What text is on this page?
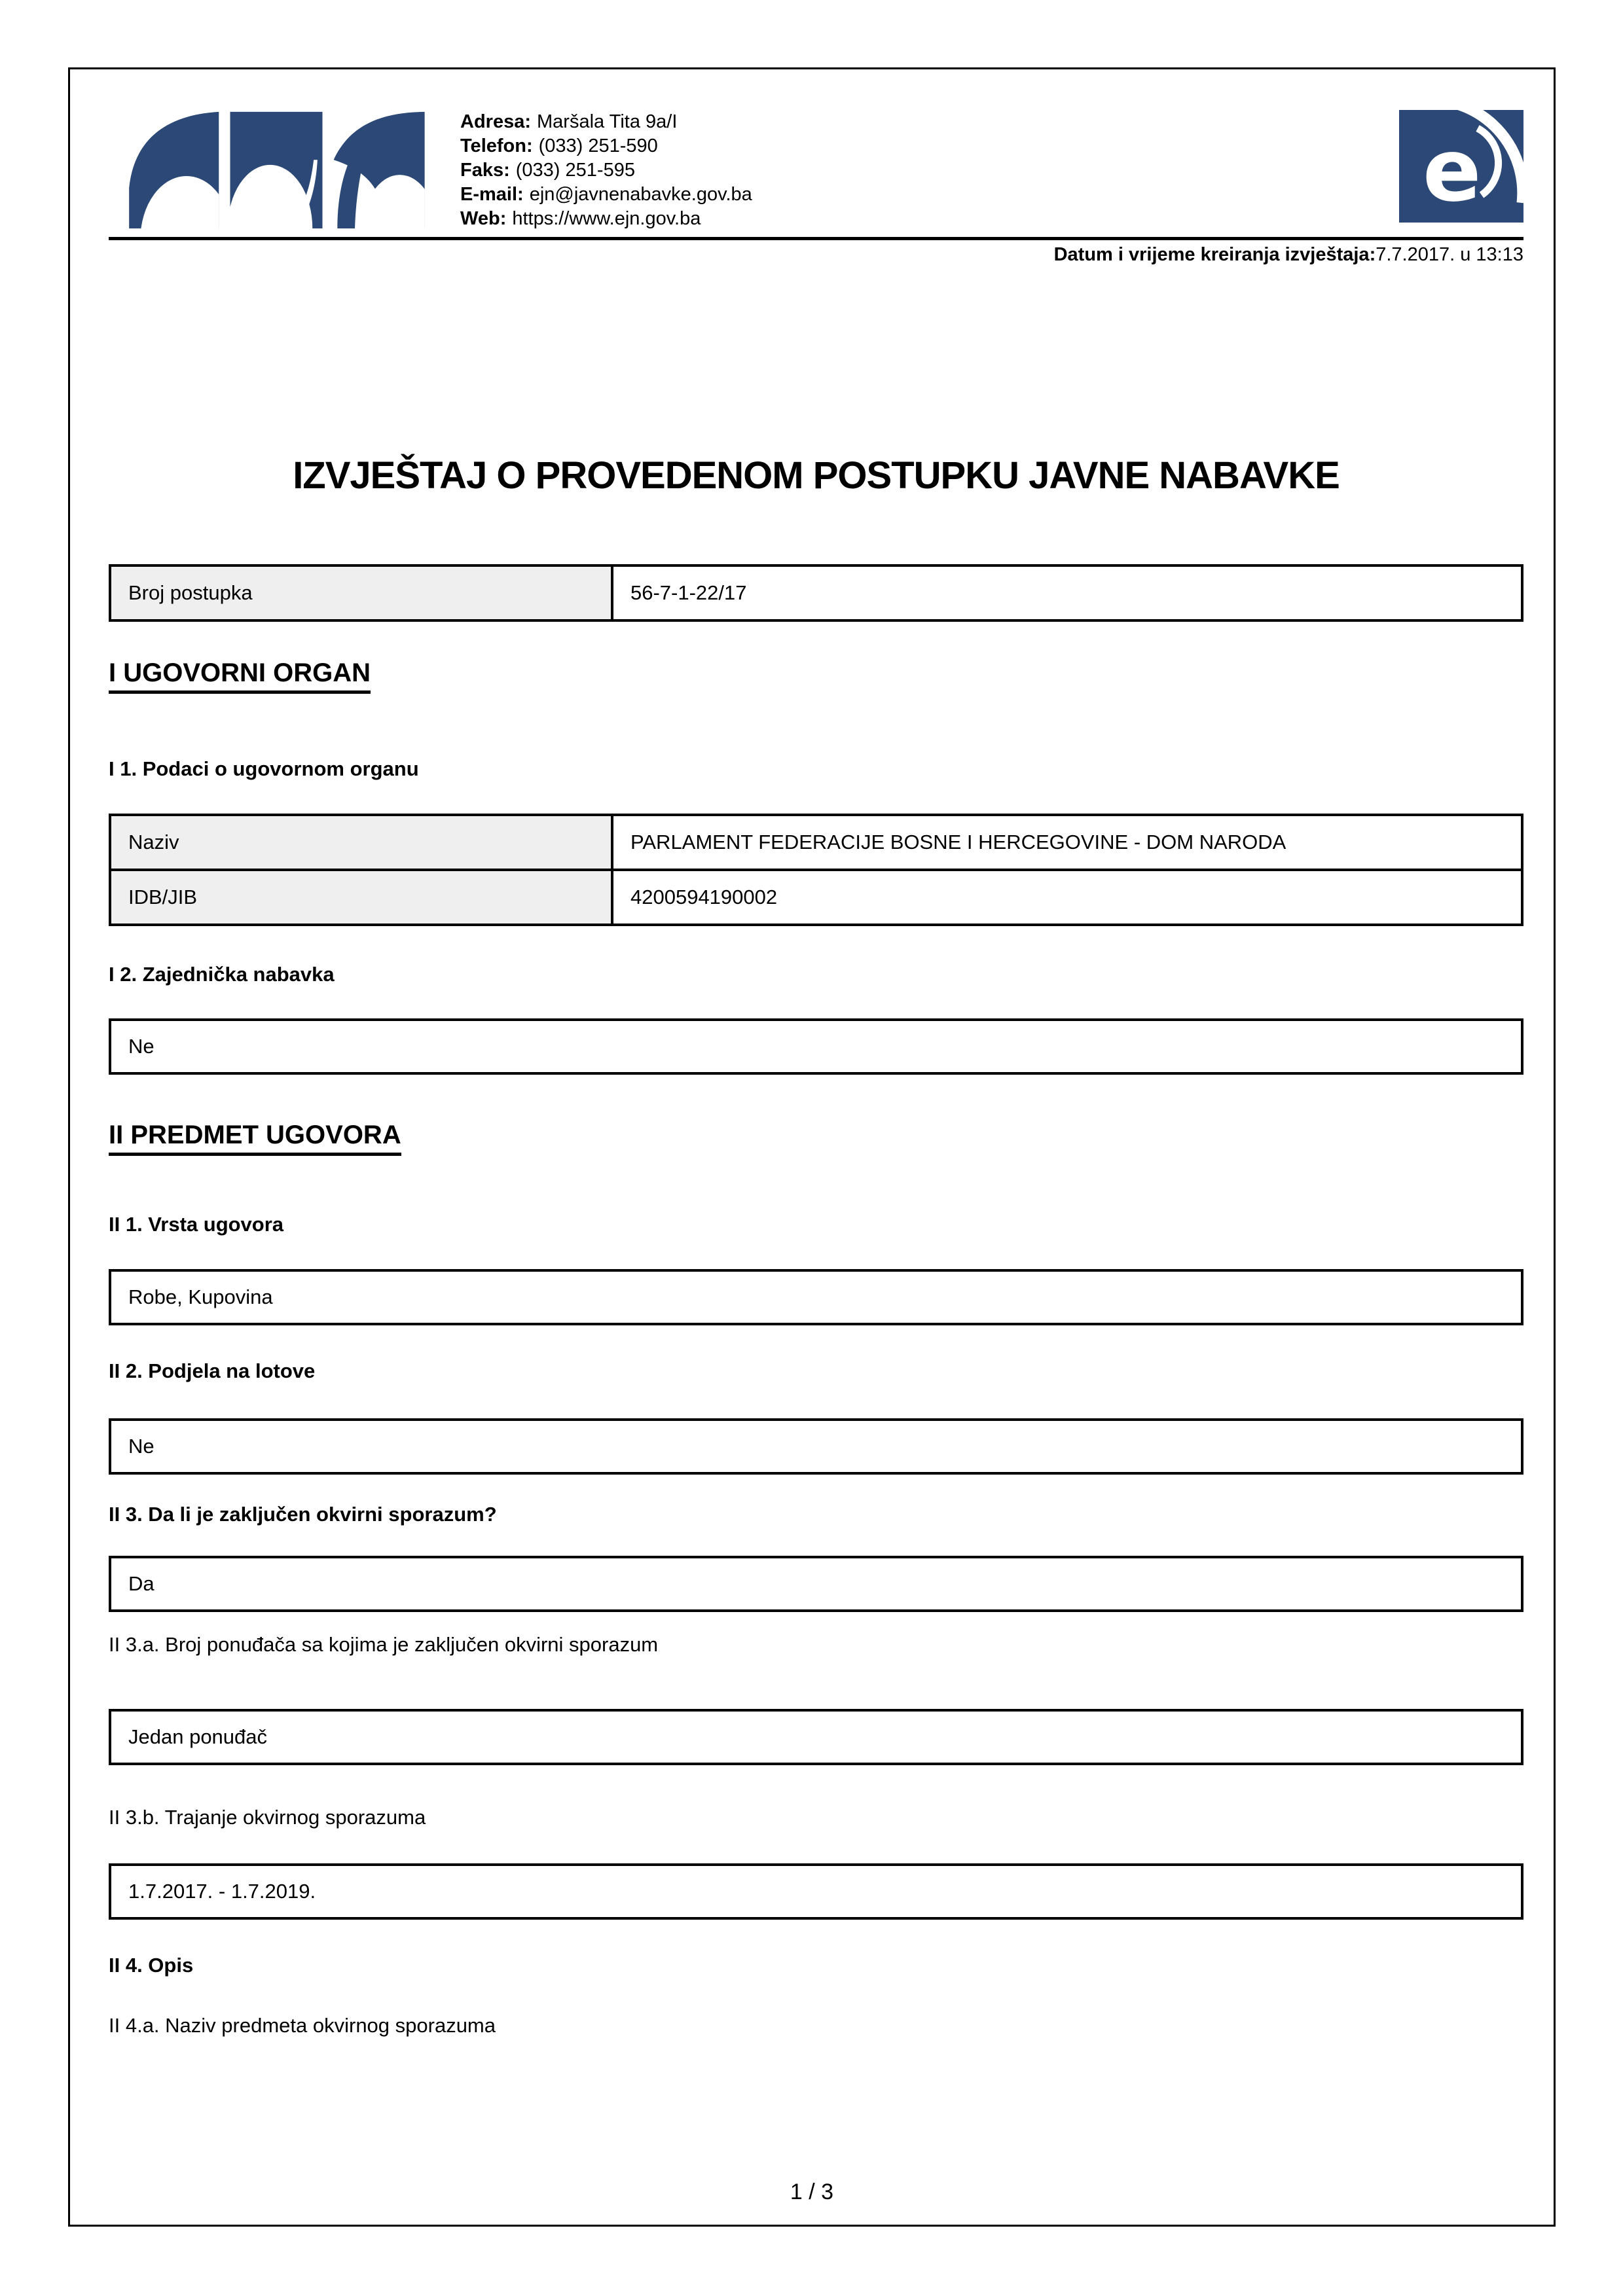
Adresa: Maršala Tita 9a/I
Telefon: (033) 251-590
Faks: (033) 251-595
E-mail: ejn@javnenabavke.gov.ba
Web: https://www.ejn.gov.ba	e
Datum i vrijeme kreiranja izvještaja:7.7.2017. u 13:13
IZVJEŠTAJ O PROVEDENOM POSTUPKU JAVNE NABAVKE
Broj postupka	56-7-1-22/17
I UGOVORNI ORGAN
I 1. Podaci o ugovornom organu
Naziv	PARLAMENT FEDERACIJE BOSNE I HERCEGOVINE - DOM NARODA
IDB/JIB	4200594190002
I 2. Zajednička nabavka
Ne
II PREDMET UGOVORA
II 1. Vrsta ugovora
Robe, Kupovina
II 2. Podjela na lotove
Ne
II 3. Da li je zaključen okvirni sporazum?
Da
II 3.a. Broj ponuđača sa kojima je zaključen okvirni sporazum
Jedan ponuđač
II 3.b. Trajanje okvirnog sporazuma
1.7.2017. - 1.7.2019.
II 4. Opis
II 4.a. Naziv predmeta okvirnog sporazuma
1 / 3
